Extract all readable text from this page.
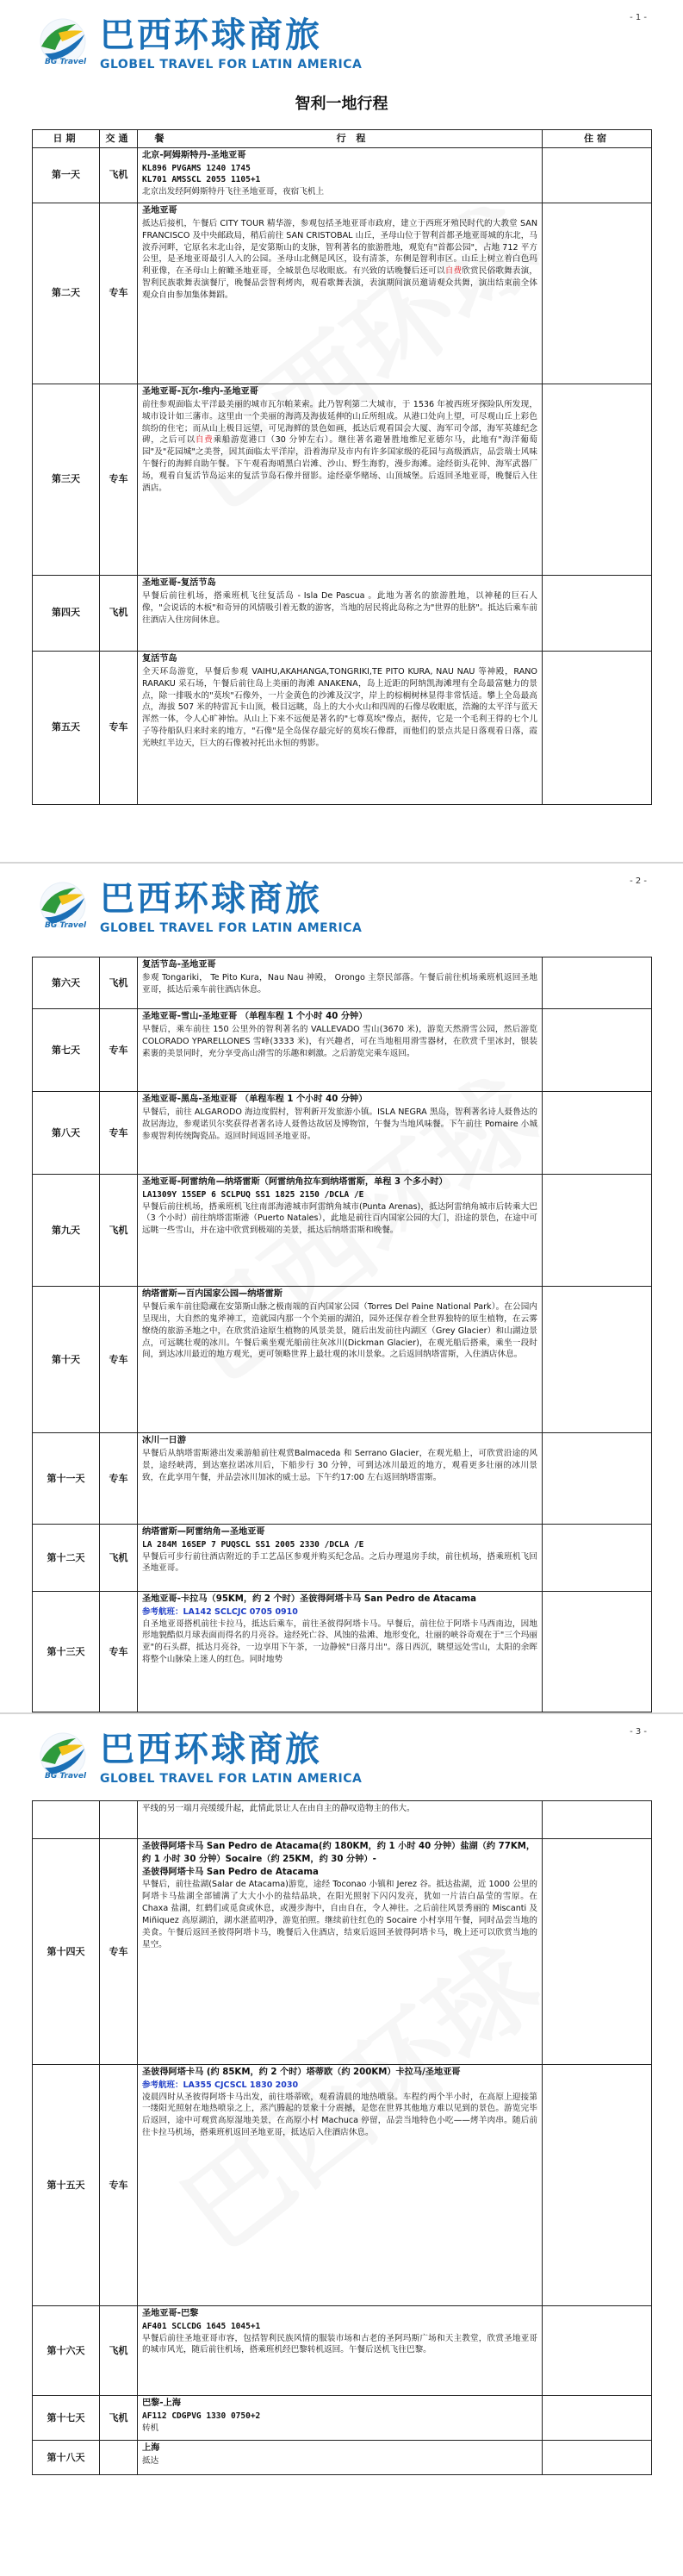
- 1 -
BG Travel
巴西环球商旅
GLOBEL TRAVEL FOR LATIN AMERICA
智利一地行程
日期	交通	餐 行 程	住宿
第一天	飞机	北京-阿姆斯特丹-圣地亚哥
KL896 PVGAMS 1240 1745
KL701 AMSSCL 2055 1105+1
北京出发经阿姆斯特丹飞往圣地亚哥，夜宿飞机上	

第二天	专车	圣地亚哥
抵达后接机，午餐后 CITY TOUR 精华游，参观包括圣地亚哥市政府，建立于西班牙殖民时代的大教堂 SAN FRANCISCO 及中央邮政局，稍后前往 SAN CRISTOBAL 山丘，圣母山位于智利首都圣地亚哥城的东北，马波乔河畔，它原名末北山谷，是安第斯山的支脉，智利著名的旅游胜地，观览有"首都公园"，占地 712 平方公里，是圣地亚哥最引人入的公园。圣母山北侧是风区，设有清茶，东侧是智利市区。山丘上树立着白色玛利亚像，在圣母山上俯瞰圣地亚哥，全城景色尽收眼底。有兴致的话晚餐后还可以自费欣赏民俗歌舞表演，智利民族歌舞表演餐厅，晚餐品尝智利烤肉，观看歌舞表演，表演期间演员邀请观众共舞，演出结束前全体观众自由参加集体舞蹈。	

第三天	专车	圣地亚哥-瓦尔-维内-圣地亚哥
前往参观面临太平洋最美丽的城市瓦尔帕莱索。此乃智利第二大城市，于 1536 年被西班牙探险队所发现，城市设计如三藩市。这里由一个美丽的海湾及海拔延伸的山丘所组成。从港口处向上望，可尽观山丘上彩色缤纷的住宅；而从山上极目远望，可见海鲜的景色如画，抵达后观看国会大厦、海军司令部，海军英雄纪念碑，之后可以自费乘船游览港口（30 分钟左右）。继往著名避暑胜地维尼亚德尔马，此地有"海洋葡萄园"及"花园城"之美誉，因其面临太平洋岸，沿着海岸及市内有许多国家级的花园与高级酒店，品尝瑞士风味午餐行的海鲜自助午餐。下午观看海哨黑白岩滩、沙山、野生海豹，漫步海滩。途经街头花钟、海军武器厂场，观看自复活节岛运来的复活节岛石像并留影。途经豪华赌场、山顶城堡。后返回圣地亚哥，晚餐后入住酒店。	

第四天	飞机	圣地亚哥-复活节岛
早餐后前往机场，搭乘班机飞往复活岛 - Isla De Pascua 。此地为著名的旅游胜地，以神秘的巨石人像，"会说话的木板"和奇异的风情吸引着无数的游客，当地的居民将此岛称之为"世界的肚脐"。抵达后乘车前往酒店入住房间休息。	

第五天	专车	复活节岛
全天环岛游览，早餐后参观 VAIHU,AKAHANGA,TONGRIKI,TE PITO KURA, NAU NAU 等神殿，RANO RARAKU 采石场，午餐后前往岛上美丽的海滩 ANAKENA，岛上近距的阿纳凯海滩埋有全岛最富魅力的景点，除一排吸水的"莫埃"石像外，一片金黄色的沙滩及汉字，岸上的棕榈树林显得非常恬适。攀上全岛最高点，海拔 507 米的特雷瓦卡山顶，极目远眺，岛上的大小火山和四周的石像尽收眼底，浩瀚的太平洋与蓝天浑然一体，令人心旷神怡。从山上下来不远便是著名的"七尊莫埃"像点，据传，它是一个毛利王得的七个儿子等待船队归来时来的地方，"石像"是全岛保存最完好的莫埃石像群，而他们的景点共是日落观看日落，霞光映红半边天，巨大的石像被衬托出永恒的剪影。	

- 2 -
BG Travel
巴西环球商旅
GLOBEL TRAVEL FOR LATIN AMERICA
第六天	飞机	复活节岛-圣地亚哥
参观 Tongariki， Te Pito Kura，Nau Nau 神殿， Orongo 主祭民部落。午餐后前往机场乘班机返回圣地亚哥，抵达后乘车前往酒店休息。	

第七天	专车	圣地亚哥-雪山-圣地亚哥 （单程车程 1 个小时 40 分钟）
早餐后，乘车前往 150 公里外的智利著名的 VALLEVADO 雪山(3670 米)，游览天然滑雪公园，然后游览 COLORADO YPARELLONES 雪峰(3333 米)，有兴趣者，可在当地租用滑雪器材，在欣赏千里冰封，银装素裹的美景同时，充分享受高山滑雪的乐趣和刺激。之后游览完乘车返回。	

第八天	专车	圣地亚哥-黑岛-圣地亚哥 （单程车程 1 个小时 40 分钟）
早餐后，前往 ALGARODO 海边度假村，智利新开发旅游小镇。ISLA NEGRA 黑岛，智利著名诗人聂鲁达的故居海边，参观诺贝尔奖获得者著名诗人聂鲁达故居及博物馆，午餐为当地风味餐。下午前往 Pomaire 小城参观智利传统陶瓷品。返回时间返回圣地亚哥。	

第九天	飞机	圣地亚哥-阿雷纳角—纳塔雷斯（阿雷纳角拉车到纳塔雷斯，单程 3 个多小时）
LA1309Y 15SEP 6 SCLPUQ SS1 1825 2150 /DCLA /E
早餐后前往机场，搭乘班机飞往南部海港城市阿雷纳角城市(Punta Arenas)，抵达阿雷纳角城市后转乘大巴（3 个小时）前往纳塔雷斯港（Puerto Natales），此地是前往百内国家公园的大门，沿途的景色，在途中可远眺一些雪山，并在途中欣赏到极端的美景，抵达后纳塔雷斯和晚餐。	

第十天	专车	纳塔雷斯—百内国家公园—纳塔雷斯
早餐后乘车前往隐藏在安第斯山脉之极南端的百内国家公园（Torres Del Paine National Park）。在公园内呈现出，大自然的鬼斧神工，造就园内那一个个美丽的湖泊，园外还保存着全世界独特的原生植物，在云雾缭绕的旅游圣地之中，在欣赏沿途原生植物的风景美景，随后出发前往内湖区（Grey Glacier）和山湖边景点，可远眺壮观的冰川。午餐后乘坐观光船前往灰冰川(Dickman Glacier)，在观光船后搭乘，乘坐一段时间，到达冰川最近的地方观光，更可领略世界上最壮观的冰川景象。之后返回纳塔雷斯，入住酒店休息。	

第十一天	专车	冰川一日游
早餐后从纳塔雷斯港出发乘游船前往观赏Balmaceda 和 Serrano Glacier，在观光船上，可欣赏沿途的风景，途经峡湾，到达塞拉诺冰川后，下船步行 30 分钟，可到达冰川最近的地方，观看更多壮丽的冰川景致，在此享用午餐，并品尝冰川加冰的威士忌。下午约17:00 左右返回纳塔雷斯。	

第十二天	飞机	纳塔雷斯—阿雷纳角—圣地亚哥
LA 284M 16SEP 7 PUQSCL SS1 2005 2330 /DCLA /E
早餐后可步行前往酒店附近的手工艺品区参观并购买纪念品。之后办理退房手续，前往机场，搭乘班机飞回圣地亚哥。	

第十三天	专车	圣地亚哥-卡拉马（95KM，约 2 个时）圣彼得阿塔卡马 San Pedro de Atacama
参考航班：LA142 SCLCJC 0705 0910
自圣地亚哥搭机前往卡拉马，抵达后乘车，前往圣彼得阿塔卡马。早餐后，前往位于阿塔卡马西南边，因地形地貌酷似月球表面而得名的月亮谷。途经死亡谷、风蚀的盐滩、地形变化，壮丽的峡谷奇观在于"三个玛丽亚"的石头群，抵达月亮谷，一边享用下午茶，一边静候"日落月出"。落日西沉，眺望远处雪山，太阳的余晖将整个山脉染上迷人的红色。同时地势	

- 3 -
BG Travel
巴西环球商旅
GLOBEL TRAVEL FOR LATIN AMERICA

		平线的另一端月亮缓缓升起，此情此景让人在由自主的静叹造物主的伟大。	

第十四天	专车	圣彼得阿塔卡马 San Pedro de Atacama(约 180KM，约 1 小时 40 分钟）盐湖（约 77KM，约 1 小时 30 分钟）Socaire（约 25KM，约 30 分钟）-
圣彼得阿塔卡马 San Pedro de Atacama
早餐后，前往盐湖(Salar de Atacama)游览，途经 Toconao 小镇和 Jerez 谷。抵达盐湖，近 1000 公里的阿塔卡马盐湖全部铺满了大大小小的盐结晶块，在阳光照射下闪闪发亮，犹如一片洁白晶莹的雪原。在 Chaxa 盐湖，红鹤们或觅食或休息，或漫步海中，自由自在，令人神往。之后前往风景秀丽的 Miscanti 及 Miñiquez 高原湖泊，湖水湛蓝明净，游览拍照。继续前往红色的 Socaire 小村享用午餐，同时品尝当地的美食。午餐后返回圣彼得阿塔卡马，晚餐后入住酒店，结束后返回圣彼得阿塔卡马，晚上还可以欣赏当地的星空。	

第十五天	专车	圣彼得阿塔卡马 (约 85KM，约 2 个时）塔蒂欧（约 200KM）卡拉马/圣地亚哥
参考航班：LA355 CJCSCL 1830 2030
凌晨四时从圣彼得阿塔卡马出发，前往塔蒂欧，观看清晨的地热喷泉。车程约两个半小时，在高原上迎接第一缕阳光照射在地热喷泉之上，蒸汽腾起的景象十分震撼，是您在世界其他地方难以见到的景色。游览完毕后返回，途中可观赏高原湿地美景，在高原小村 Machuca 停留，品尝当地特色小吃——烤羊肉串。随后前往卡拉马机场，搭乘班机返回圣地亚哥，抵达后入住酒店休息。	

第十六天	飞机	圣地亚哥-巴黎
AF401 SCLCDG 1645 1045+1
早餐后前往圣地亚哥市容，包括智利民族风情的服装市场和古老的圣阿玛斯广场和天主教堂，欣赏圣地亚哥的城市风光，随后前往机场，搭乘班机经巴黎转机返回。午餐后送机飞往巴黎。	

第十七天	飞机	巴黎-上海
AF112 CDGPVG 1330 0750+2
转机	

第十八天		上海
抵达	
